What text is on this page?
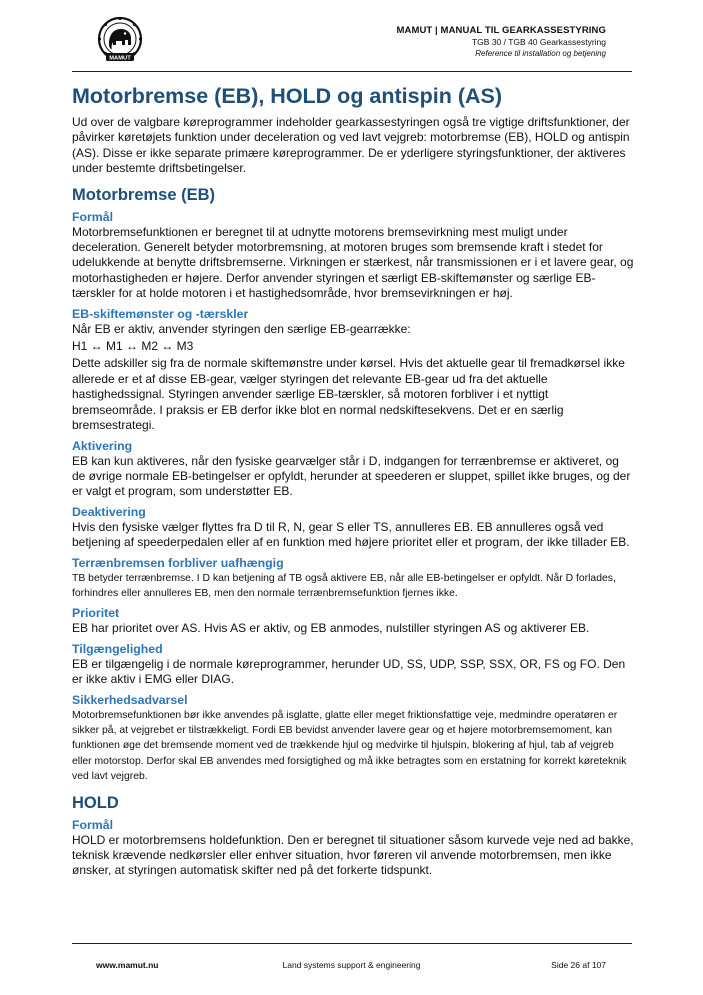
MAMUT
MAMUT | MANUAL TIL GEARKASSESTYRING
TGB 30 / TGB 40 Gearkassestyring
Reference til installation og betjening
Motorbremse (EB), HOLD og antispin (AS)

Ud over de valgbare køreprogrammer indeholder gearkassestyringen også tre vigtige driftsfunktioner, der påvirker køretøjets funktion under deceleration og ved lavt vejgreb: motorbremse (EB), HOLD og antispin (AS). Disse er ikke separate primære køreprogrammer. De er yderligere styringsfunktioner, der aktiveres under bestemte driftsbetingelser.

Motorbremse (EB)
Formål

Motorbremsefunktionen er beregnet til at udnytte motorens bremsevirkning mest muligt under deceleration. Generelt betyder motorbremsning, at motoren bruges som bremsende kraft i stedet for udelukkende at benytte driftsbremserne. Virkningen er stærkest, når transmissionen er i et lavere gear, og motorhastigheden er højere. Derfor anvender styringen et særligt EB-skiftemønster og særlige EB-tærskler for at holde motoren i et hastighedsområde, hvor bremsevirkningen er høj.

EB-skiftemønster og -tærskler

Når EB er aktiv, anvender styringen den særlige EB-gearrække:

H1 ↔ M1 ↔ M2 ↔ M3

Dette adskiller sig fra de normale skiftemønstre under kørsel. Hvis det aktuelle gear til fremadkørsel ikke allerede er et af disse EB-gear, vælger styringen det relevante EB-gear ud fra det aktuelle hastighedssignal. Styringen anvender særlige EB-tærskler, så motoren forbliver i et nyttigt bremseområde. I praksis er EB derfor ikke blot en normal nedskiftesekvens. Det er en særlig bremsestrategi.

Aktivering

EB kan kun aktiveres, når den fysiske gearvælger står i D, indgangen for terrænbremse er aktiveret, og de øvrige normale EB-betingelser er opfyldt, herunder at speederen er sluppet, spillet ikke bruges, og der er valgt et program, som understøtter EB.

Deaktivering

Hvis den fysiske vælger flyttes fra D til R, N, gear S eller TS, annulleres EB. EB annulleres også ved betjening af speederpedalen eller af en funktion med højere prioritet eller et program, der ikke tillader EB.

Terrænbremsen forbliver uafhængig

TB betyder terrænbremse. I D kan betjening af TB også aktivere EB, når alle EB-betingelser er opfyldt. Når D forlades, forhindres eller annulleres EB, men den normale terrænbremsefunktion fjernes ikke.

Prioritet

EB har prioritet over AS. Hvis AS er aktiv, og EB anmodes, nulstiller styringen AS og aktiverer EB.

Tilgængelighed

EB er tilgængelig i de normale køreprogrammer, herunder UD, SS, UDP, SSP, SSX, OR, FS og FO. Den er ikke aktiv i EMG eller DIAG.

Sikkerhedsadvarsel

Motorbremsefunktionen bør ikke anvendes på isglatte, glatte eller meget friktionsfattige veje, medmindre operatøren er sikker på, at vejgrebet er tilstrækkeligt. Fordi EB bevidst anvender lavere gear og et højere motorbremsemoment, kan funktionen øge det bremsende moment ved de trækkende hjul og medvirke til hjulspin, blokering af hjul, tab af vejgreb eller motorstop. Derfor skal EB anvendes med forsigtighed og må ikke betragtes som en erstatning for korrekt køreteknik ved lavt vejgreb.

HOLD
Formål

HOLD er motorbremsens holdefunktion. Den er beregnet til situationer såsom kurvede veje ned ad bakke, teknisk krævende nedkørsler eller enhver situation, hvor føreren vil anvende motorbremsen, men ikke ønsker, at styringen automatisk skifter ned på det forkerte tidspunkt.

www.mamut.nu	Land systems support & engineering	Side 26 af 107
